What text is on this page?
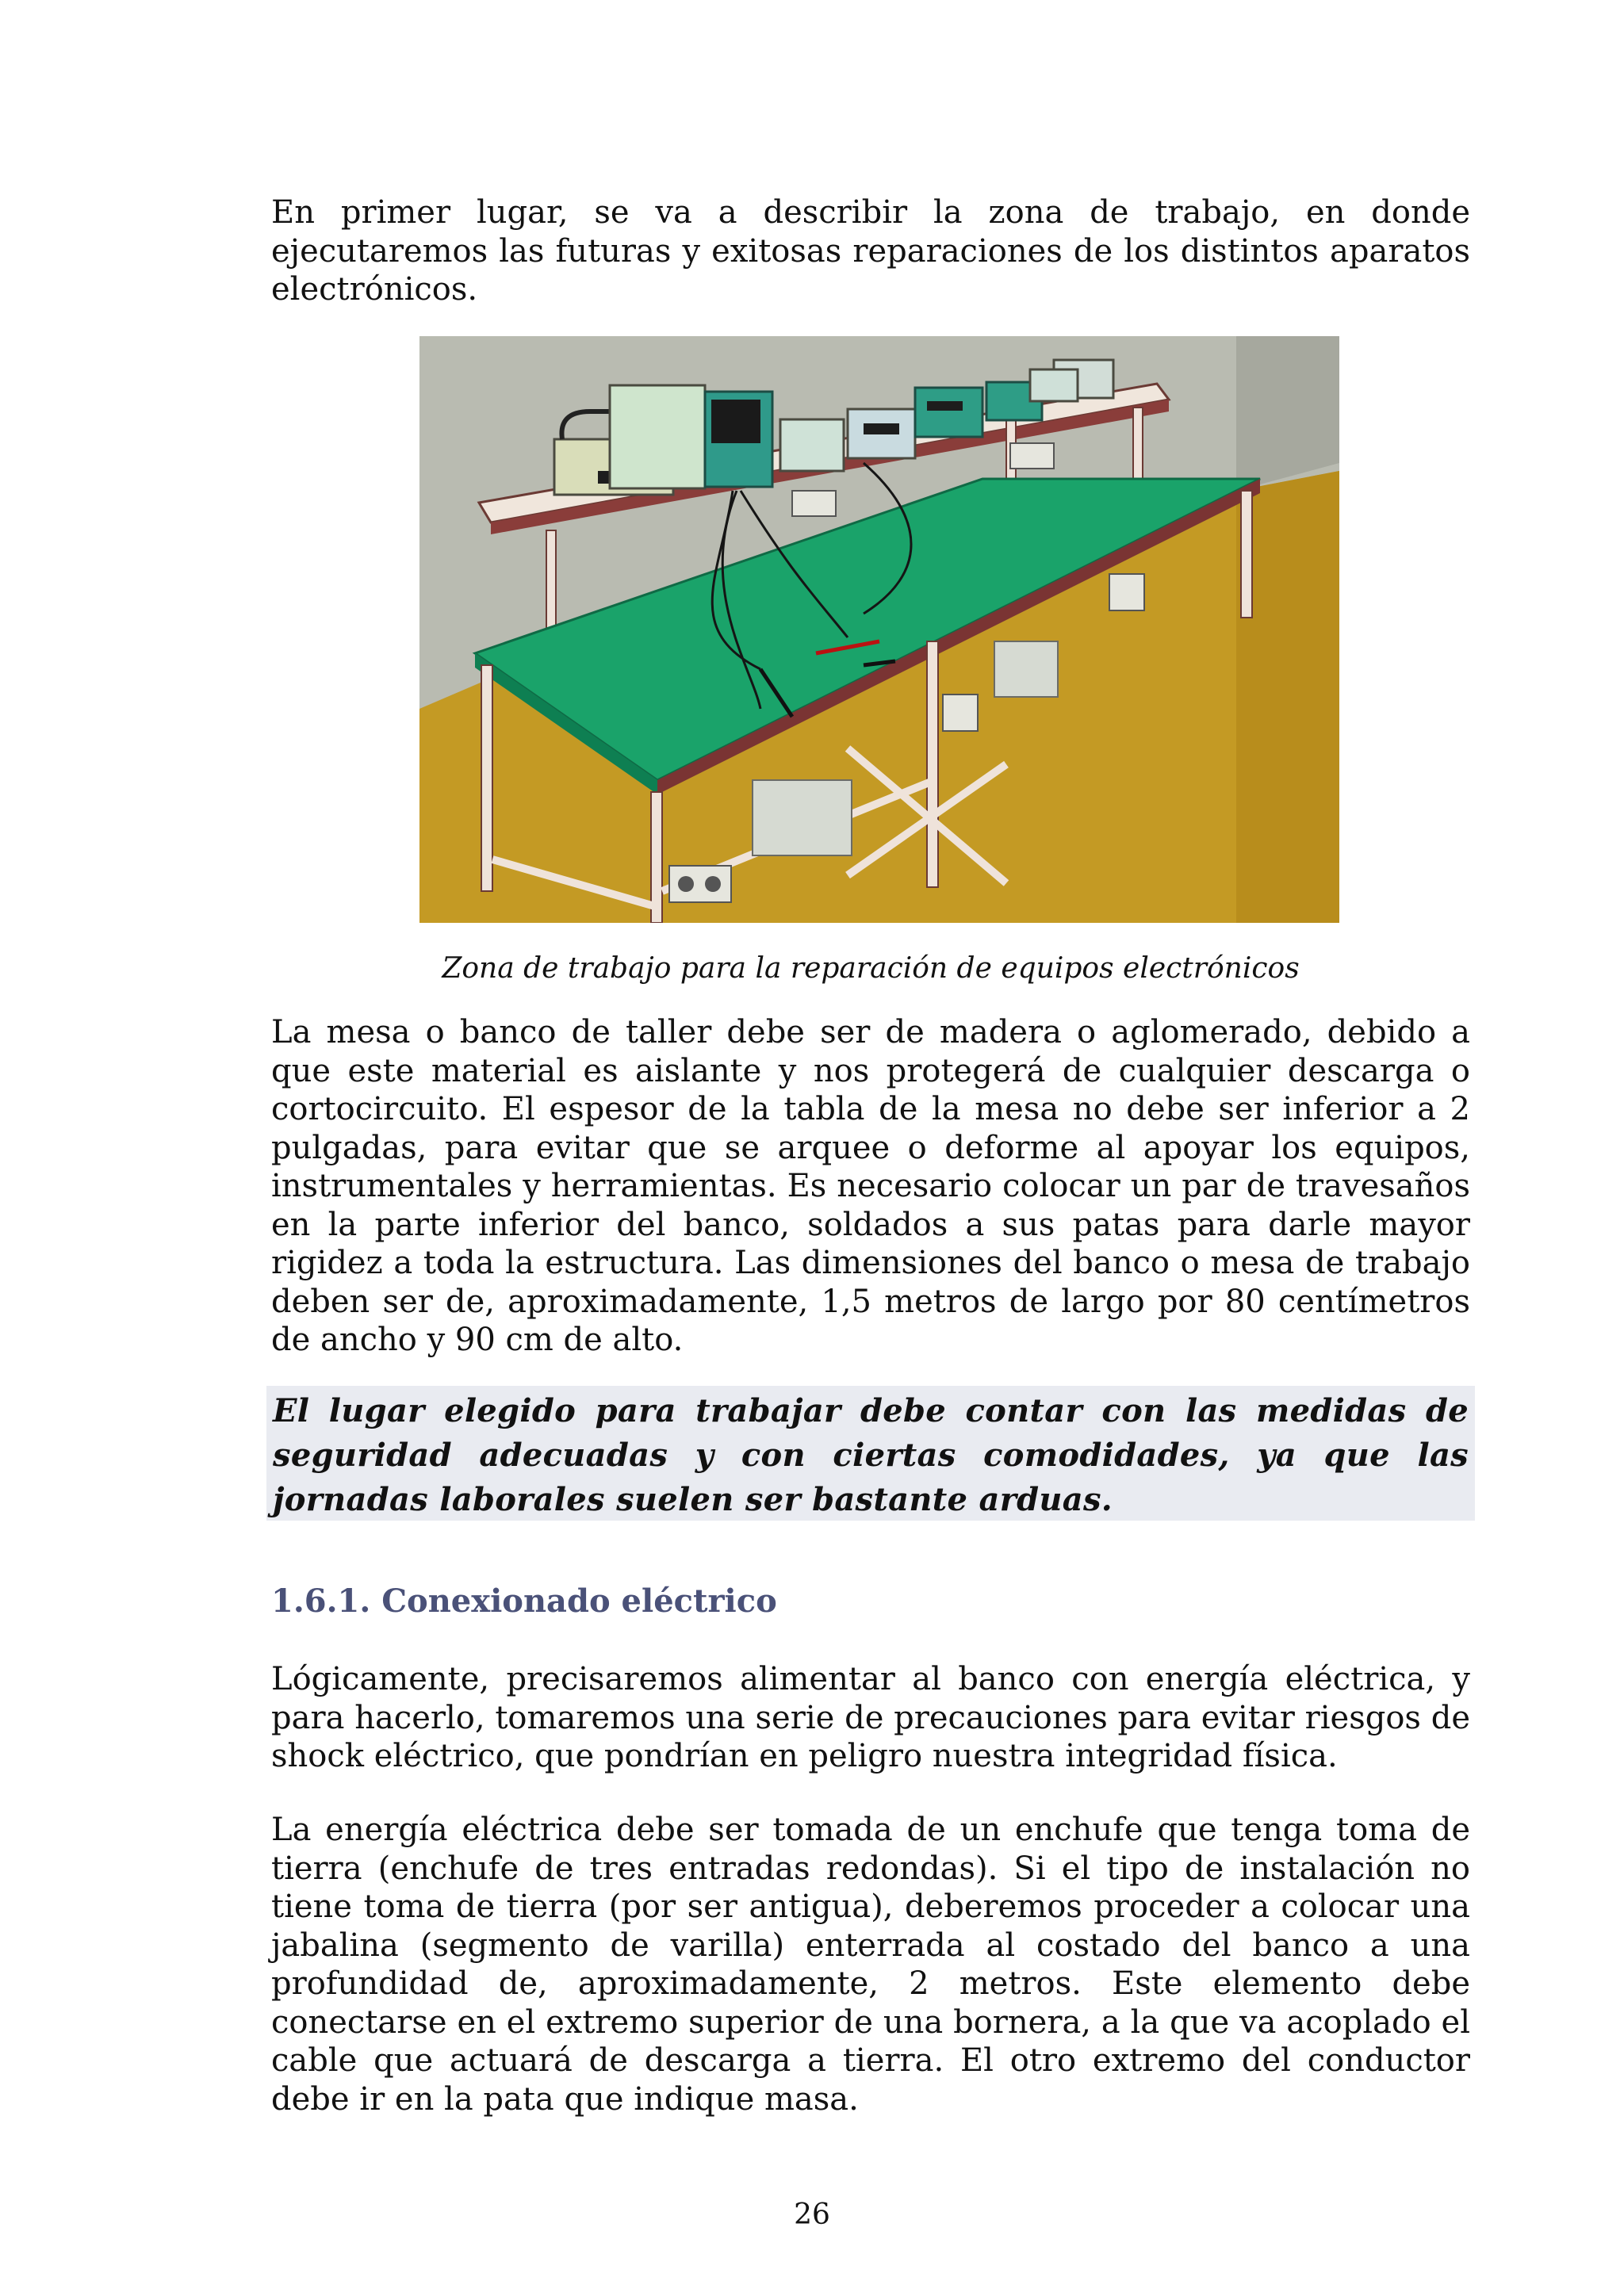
En primer lugar, se va a describir la zona de trabajo, en donde ejecutaremos las futuras y exitosas reparaciones de los distintos aparatos electrónicos.

Zona de trabajo para la reparación de equipos electrónicos

La mesa o banco de taller debe ser de madera o aglomerado, debido a que este material es aislante y nos protegerá de cualquier descarga o cortocircuito. El espesor de la tabla de la mesa no debe ser inferior a 2 pulgadas, para evitar que se arquee o deforme al apoyar los equipos, instrumentales y herramientas. Es necesario colocar un par de travesaños en la parte inferior del banco, soldados a sus patas para darle mayor rigidez a toda la estructura. Las dimensiones del banco o mesa de trabajo deben ser de, aproximadamente, 1,5 metros de largo por 80 centímetros de ancho y 90 cm de alto.

El lugar elegido para trabajar debe contar con las medidas de seguridad adecuadas y con ciertas comodidades, ya que las jornadas laborales suelen ser bastante arduas.

1.6.1. Conexionado eléctrico

Lógicamente, precisaremos alimentar al banco con energía eléctrica, y para hacerlo, tomaremos una serie de precauciones para evitar riesgos de shock eléctrico, que pondrían en peligro nuestra integridad física.

La energía eléctrica debe ser tomada de un enchufe que tenga toma de tierra (enchufe de tres entradas redondas). Si el tipo de instalación no tiene toma de tierra (por ser antigua), deberemos proceder a colocar una jabalina (segmento de varilla) enterrada al costado del banco a una profundidad de, aproximadamente, 2 metros. Este elemento debe conectarse en el extremo superior de una bornera, a la que va acoplado el cable que actuará de descarga a tierra. El otro extremo del conductor debe ir en la pata que indique masa.

26
